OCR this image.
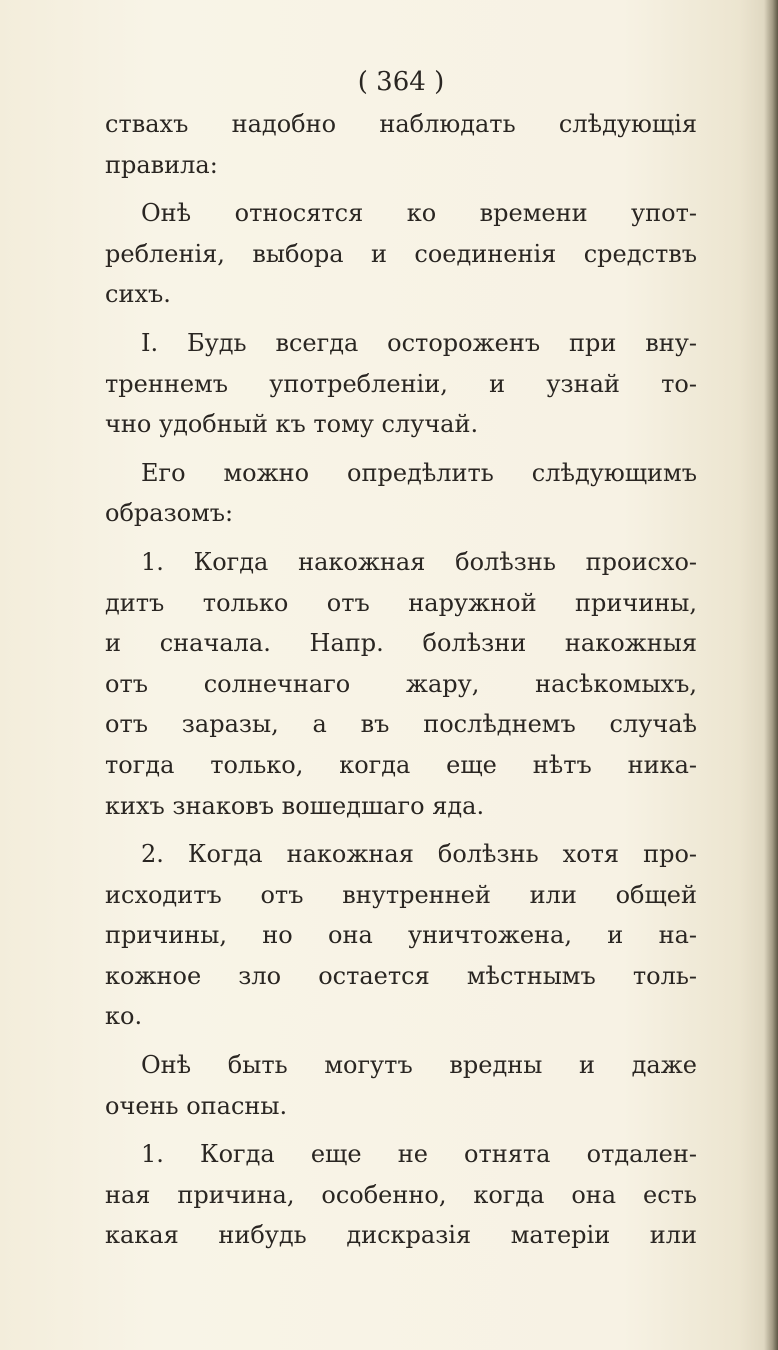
( 364 )
ствахъ надобно наблюдать слѣдующія
правила:
Онѣ относятся ко времени упот-
ребленія, выбора и соединенія средствъ
сихъ.
I. Будь всегда остороженъ при вну-
треннемъ употребленіи, и узнай то-
чно удобный къ тому случай.
Его можно опредѣлить слѣдующимъ
образомъ:
1. Когда накожная болѣзнь происхо-
дитъ только отъ наружной причины,
и сначала. Напр. болѣзни накожныя
отъ солнечнаго жару, насѣкомыхъ,
отъ заразы, а въ послѣднемъ случаѣ
тогда только, когда еще нѣтъ ника-
кихъ знаковъ вошедшаго яда.
2. Когда накожная болѣзнь хотя про-
исходитъ отъ внутренней или общей
причины, но она уничтожена, и на-
кожное зло остается мѣстнымъ толь-
ко.
Онѣ быть могутъ вредны и даже
очень опасны.
1. Когда еще не отнята отдален-
ная причина, особенно, когда она есть
какая нибудь дискразія матеріи или
